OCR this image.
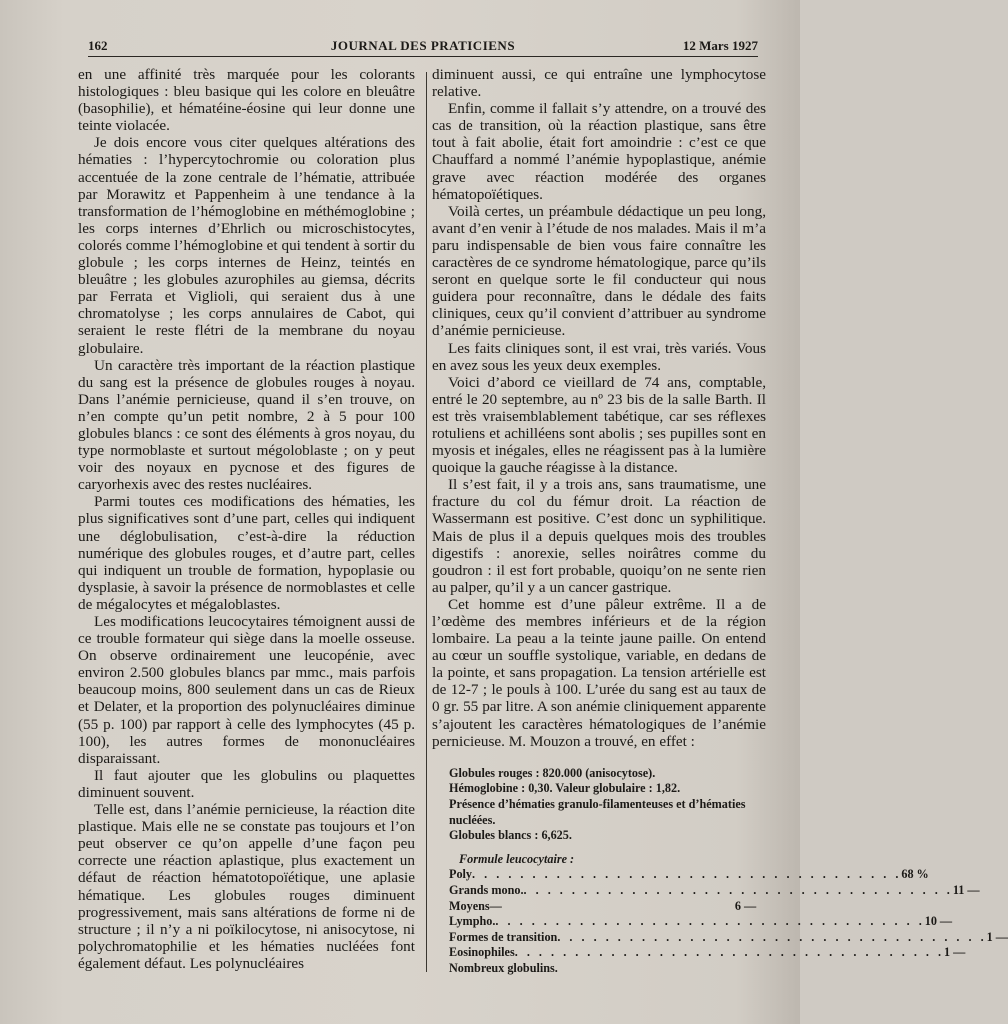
162	JOURNAL DES PRATICIENS	12 Mars 1927

en une affinité très marquée pour les colorants histologiques : bleu basique qui les colore en bleuâtre (basophilie), et hématéine-éosine qui leur donne une teinte violacée.

Je dois encore vous citer quelques altérations des hématies : l’hypercytochromie ou coloration plus accentuée de la zone centrale de l’hématie, attribuée par Morawitz et Pappenheim à une tendance à la transformation de l’hémoglobine en méthémoglobine ; les corps internes d’Ehrlich ou microschistocytes, colorés comme l’hémoglobine et qui tendent à sortir du globule ; les corps internes de Heinz, teintés en bleuâtre ; les globules azurophiles au giemsa, décrits par Ferrata et Viglioli, qui seraient dus à une chromatolyse ; les corps annulaires de Cabot, qui seraient le reste flétri de la membrane du noyau globulaire.

Un caractère très important de la réaction plastique du sang est la présence de globules rouges à noyau. Dans l’anémie pernicieuse, quand il s’en trouve, on n’en compte qu’un petit nombre, 2 à 5 pour 100 globules blancs : ce sont des éléments à gros noyau, du type normoblaste et surtout mégoloblaste ; on y peut voir des noyaux en pycnose et des figures de caryorhexis avec des restes nucléaires.

Parmi toutes ces modifications des hématies, les plus significatives sont d’une part, celles qui indiquent une déglobulisation, c’est-à-dire la réduction numérique des globules rouges, et d’autre part, celles qui indiquent un trouble de formation, hypoplasie ou dysplasie, à savoir la présence de normoblastes et celle de mégalocytes et mégaloblastes.

Les modifications leucocytaires témoignent aussi de ce trouble formateur qui siège dans la moelle osseuse. On observe ordinairement une leucopénie, avec environ 2.500 globules blancs par mmc., mais parfois beaucoup moins, 800 seulement dans un cas de Rieux et Delater, et la proportion des polynucléaires diminue (55 p. 100) par rapport à celle des lymphocytes (45 p. 100), les autres formes de mononucléaires disparaissant.

Il faut ajouter que les globulins ou plaquettes diminuent souvent.

Telle est, dans l’anémie pernicieuse, la réaction dite plastique. Mais elle ne se constate pas toujours et l’on peut observer ce qu’on appelle d’une façon peu correcte une réaction aplastique, plus exactement un défaut de réaction hématotopoïétique, une aplasie hématique. Les globules rouges diminuent progressivement, mais sans altérations de forme ni de structure ; il n’y a ni poïkilocytose, ni anisocytose, ni polychromatophilie et les hématies nucléées font également défaut. Les polynucléaires

diminuent aussi, ce qui entraîne une lymphocytose relative.

Enfin, comme il fallait s’y attendre, on a trouvé des cas de transition, où la réaction plastique, sans être tout à fait abolie, était fort amoindrie : c’est ce que Chauffard a nommé l’anémie hypoplastique, anémie grave avec réaction modérée des organes hématopoïétiques.

Voilà certes, un préambule dédactique un peu long, avant d’en venir à l’étude de nos malades. Mais il m’a paru indispensable de bien vous faire connaître les caractères de ce syndrome hématologique, parce qu’ils seront en quelque sorte le fil conducteur qui nous guidera pour reconnaître, dans le dédale des faits cliniques, ceux qu’il convient d’attribuer au syndrome d’anémie pernicieuse.

Les faits cliniques sont, il est vrai, très variés. Vous en avez sous les yeux deux exemples.

Voici d’abord ce vieillard de 74 ans, comptable, entré le 20 septembre, au nº 23 bis de la salle Barth. Il est très vraisemblablement tabétique, car ses réflexes rotuliens et achilléens sont abolis ; ses pupilles sont en myosis et inégales, elles ne réagissent pas à la lumière quoique la gauche réagisse à la distance.

Il s’est fait, il y a trois ans, sans traumatisme, une fracture du col du fémur droit. La réaction de Wassermann est positive. C’est donc un syphilitique. Mais de plus il a depuis quelques mois des troubles digestifs : anorexie, selles noirâtres comme du goudron : il est fort probable, quoiqu’on ne sente rien au palper, qu’il y a un cancer gastrique.

Cet homme est d’une pâleur extrême. Il a de l’œdème des membres inférieurs et de la région lombaire. La peau a la teinte jaune paille. On entend au cœur un souffle systolique, variable, en dedans de la pointe, et sans propagation. La tension artérielle est de 12-7 ; le pouls à 100. L’urée du sang est au taux de 0 gr. 55 par litre. A son anémie cliniquement apparente s’ajoutent les caractères hématologiques de l’anémie pernicieuse. M. Mouzon a trouvé, en effet :

Globules rouges : 820.000 (anisocytose).
Hémoglobine : 0,30. Valeur globulaire : 1,82.
Présence d’hématies granulo-filamenteuses et d’hématies nucléées.
Globules blancs : 6,625.
Formule leucocytaire :
Poly . . . . . . . . . . . . . . . . . . . . . . . . . . . . . . . . . . . . 68 %
Grands mono. . . . . . . . . . . . . . . . . . . . . . . . . . . . . . . . . . . . . 11 —
Moyens —	6 —
Lympho. . . . . . . . . . . . . . . . . . . . . . . . . . . . . . . . . . . . . 10 —
Formes de transition . . . . . . . . . . . . . . . . . . . . . . . . . . . . . . . . . . . . 1 —
Eosinophiles . . . . . . . . . . . . . . . . . . . . . . . . . . . . . . . . . . . . 1 —
Nombreux globulins.
